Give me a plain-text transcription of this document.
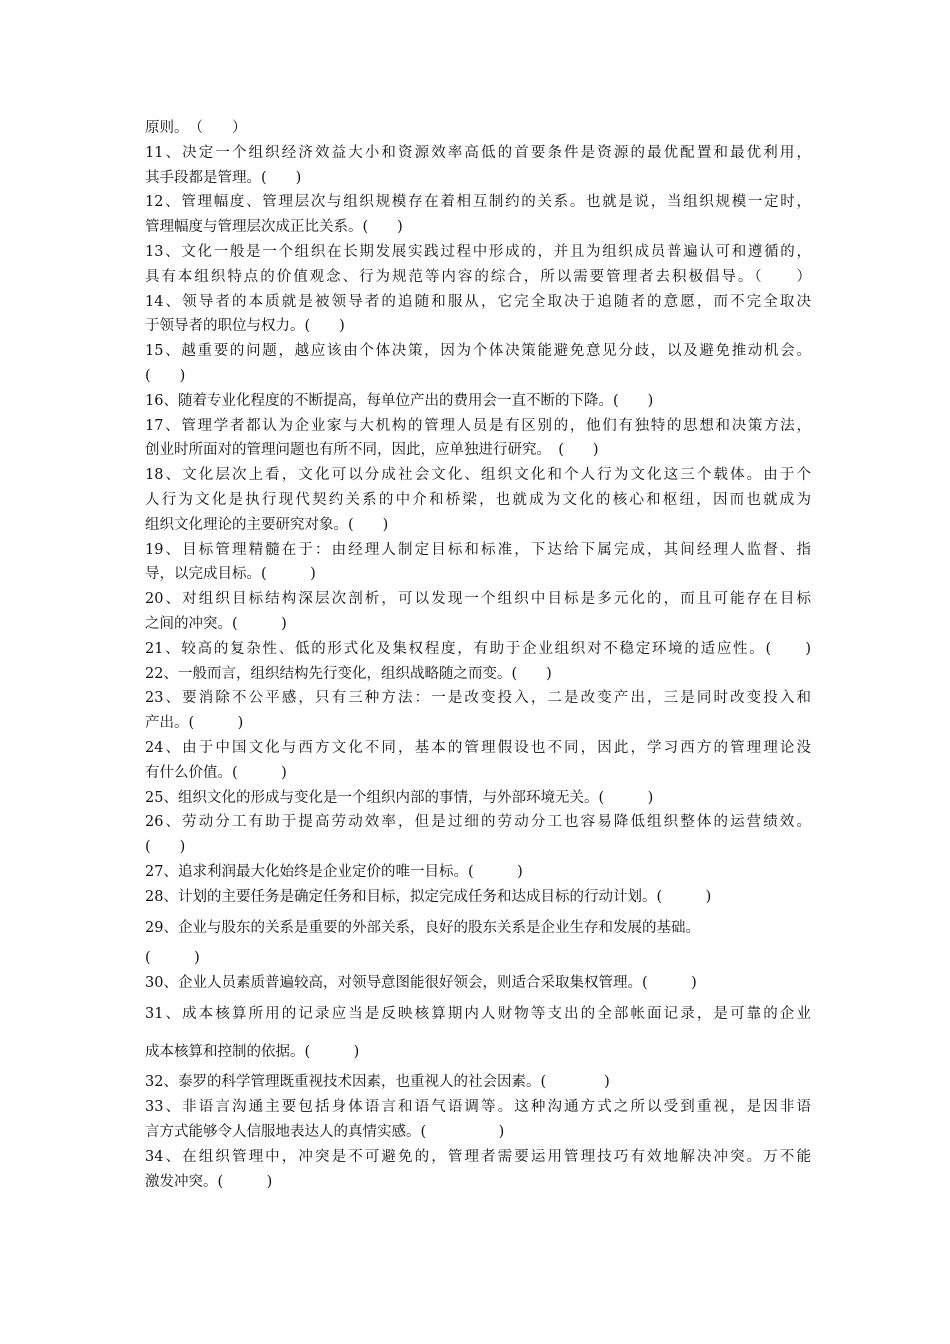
原则。　（　　）
11、决定一个组织经济效益大小和资源效率高低的首要条件是资源的最优配置和最优利用，
其手段都是管理。(　　)
12、管理幅度、管理层次与组织规模存在着相互制约的关系。也就是说，当组织规模一定时，
管理幅度与管理层次成正比关系。(　　)
13、文化一般是一个组织在长期发展实践过程中形成的，并且为组织成员普遍认可和遵循的，
具有本组织特点的价值观念、行为规范等内容的综合，所以需要管理者去积极倡导。（　　）
14、领导者的本质就是被领导者的追随和服从，它完全取决于追随者的意愿，而不完全取决
于领导者的职位与权力。(　　)
15、越重要的问题，越应该由个体决策，因为个体决策能避免意见分歧，以及避免推动机会。
(　　)
16、随着专业化程度的不断提高，每单位产出的费用会一直不断的下降。(　　)
17、管理学者都认为企业家与大机构的管理人员是有区别的，他们有独特的思想和决策方法，
创业时所面对的管理问题也有所不同，因此，应单独进行研究。　(　　)
18、文化层次上看，文化可以分成社会文化、组织文化和个人行为文化这三个载体。由于个
人行为文化是执行现代契约关系的中介和桥梁，也就成为文化的核心和枢纽，因而也就成为
组织文化理论的主要研究对象。(　　)
19、目标管理精髓在于：由经理人制定目标和标准，下达给下属完成，其间经理人监督、指
导，以完成目标。(　　　)
20、对组织目标结构深层次剖析，可以发现一个组织中目标是多元化的，而且可能存在目标
之间的冲突。(　　　)
21、较高的复杂性、低的形式化及集权程度，有助于企业组织对不稳定环境的适应性。(　　)
22、一般而言，组织结构先行变化，组织战略随之而变。(　　)
23、要消除不公平感，只有三种方法：一是改变投入，二是改变产出，三是同时改变投入和
产出。(　　　)
24、由于中国文化与西方文化不同，基本的管理假设也不同，因此，学习西方的管理理论没
有什么价值。(　　　)
25、组织文化的形成与变化是一个组织内部的事情，与外部环境无关。(　　　)
26、劳动分工有助于提高劳动效率，但是过细的劳动分工也容易降低组织整体的运营绩效。
(　　)
27、追求利润最大化始终是企业定价的唯一目标。(　　　)
28、计划的主要任务是确定任务和目标，拟定完成任务和达成目标的行动计划。(　　　)
29、企业与股东的关系是重要的外部关系，良好的股东关系是企业生存和发展的基础。
(　　　)
30、企业人员素质普遍较高，对领导意图能很好领会，则适合采取集权管理。(　　　)
31、成本核算所用的记录应当是反映核算期内人财物等支出的全部帐面记录，是可靠的企业
成本核算和控制的依据。(　　　)
32、泰罗的科学管理既重视技术因素，也重视人的社会因素。(　　　　)
33、非语言沟通主要包括身体语言和语气语调等。这种沟通方式之所以受到重视，是因非语
言方式能够令人信服地表达人的真情实感。(　　　　　)
34、在组织管理中，冲突是不可避免的，管理者需要运用管理技巧有效地解决冲突。万不能
激发冲突。(　　　)
